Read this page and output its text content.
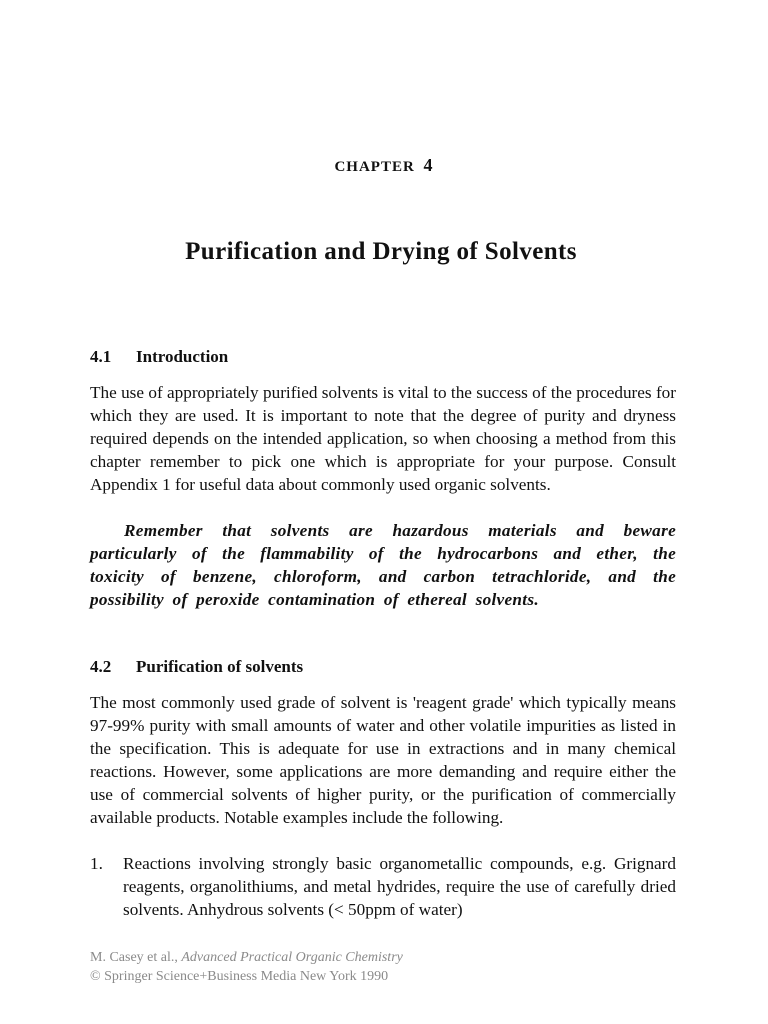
CHAPTER 4
Purification and Drying of Solvents
4.1 Introduction

The use of appropriately purified solvents is vital to the success of the procedures for which they are used. It is important to note that the degree of purity and dryness required depends on the intended application, so when choosing a method from this chapter remember to pick one which is appropriate for your purpose. Consult Appendix 1 for useful data about commonly used organic solvents.

Remember that solvents are hazardous materials and beware particularly of the flammability of the hydrocarbons and ether, the toxicity of benzene, chloroform, and carbon tetrachloride, and the possibility of peroxide contamination of ethereal solvents.

4.2 Purification of solvents

The most commonly used grade of solvent is 'reagent grade' which typically means 97-99% purity with small amounts of water and other volatile impurities as listed in the specification. This is adequate for use in extractions and in many chemical reactions. However, some applications are more demanding and require either the use of commercial solvents of higher purity, or the purification of commercially available products. Notable examples include the following.

1. Reactions involving strongly basic organometallic compounds, e.g. Grignard reagents, organolithiums, and metal hydrides, require the use of carefully dried solvents. Anhydrous solvents (< 50ppm of water)
M. Casey et al., Advanced Practical Organic Chemistry
© Springer Science+Business Media New York 1990
